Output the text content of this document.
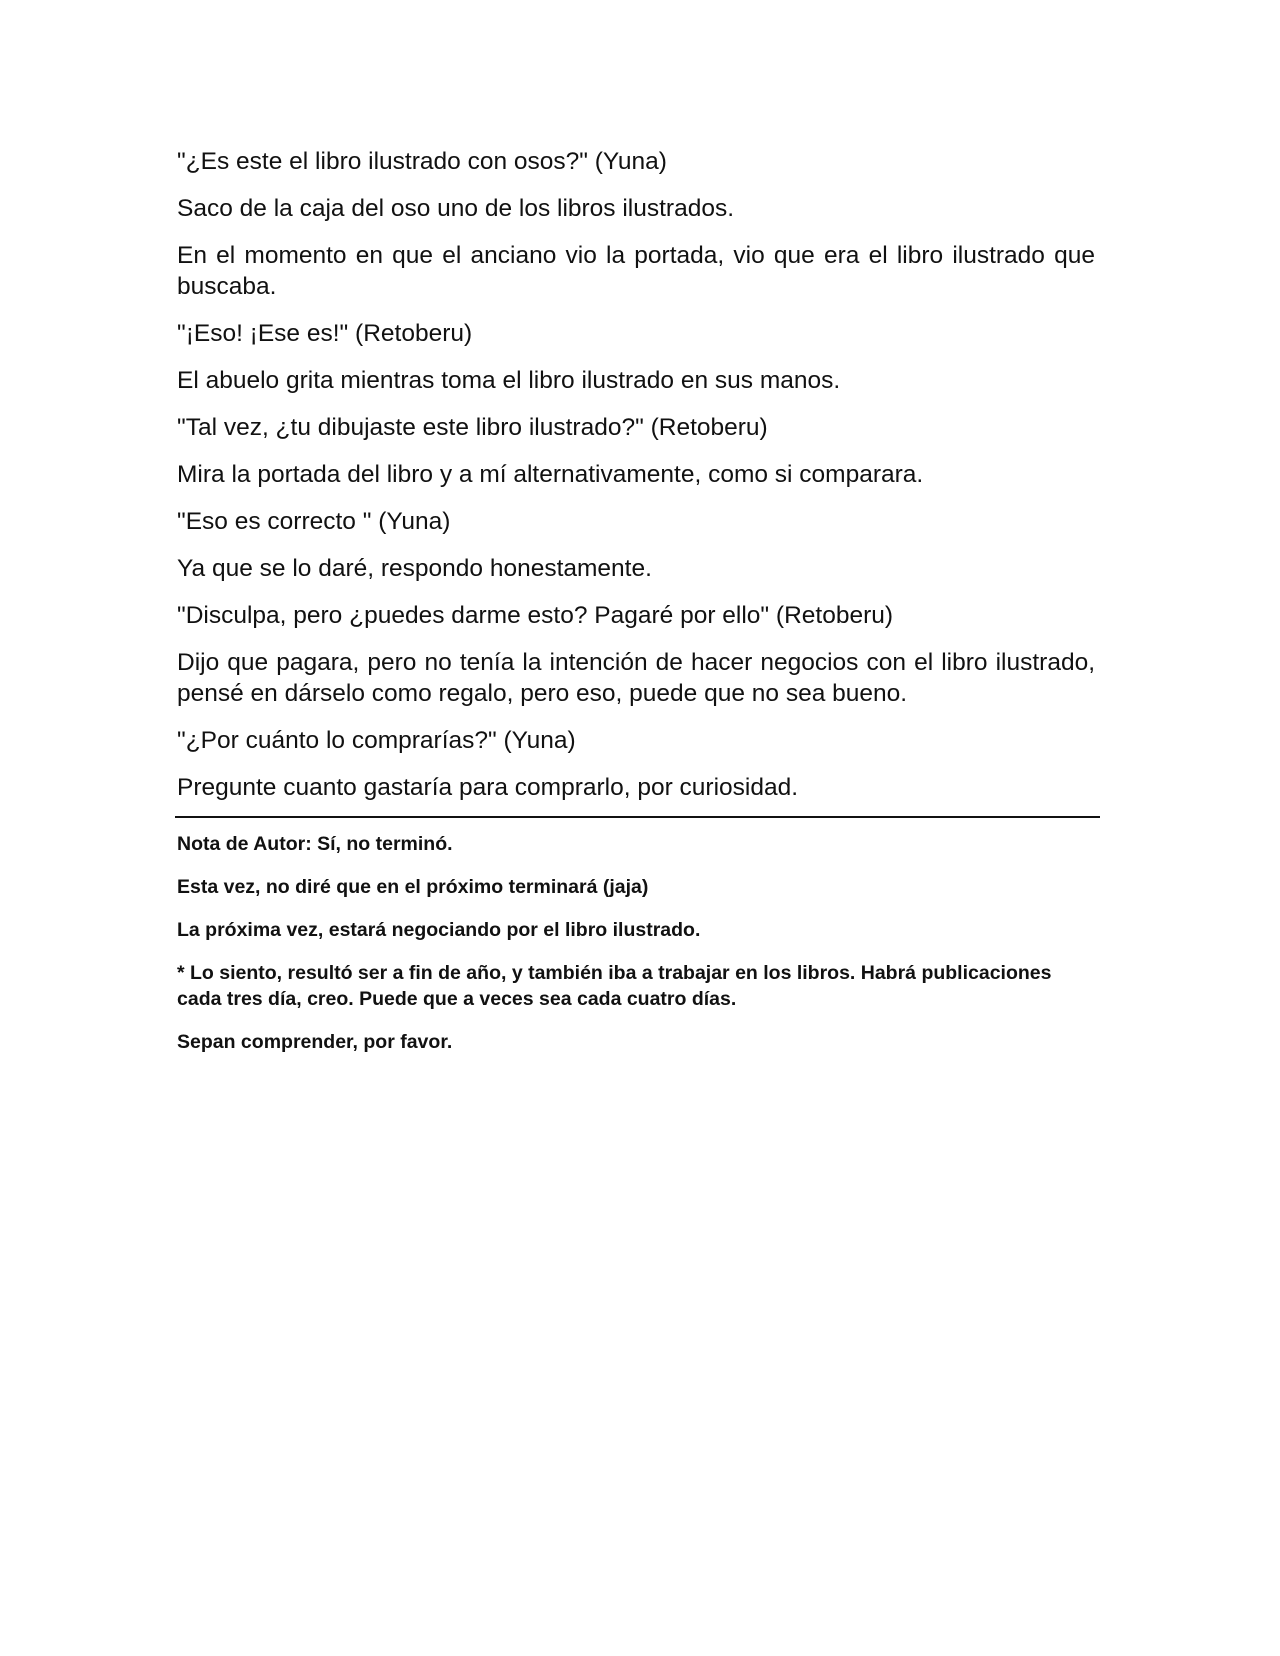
"¿Es este el libro ilustrado con osos?" (Yuna)

Saco de la caja del oso uno de los libros ilustrados.

En el momento en que el anciano vio la portada, vio que era el libro ilustrado que buscaba.

"¡Eso! ¡Ese es!" (Retoberu)

El abuelo grita mientras toma el libro ilustrado en sus manos.

"Tal vez, ¿tu dibujaste este libro ilustrado?" (Retoberu)

Mira la portada del libro y a mí alternativamente, como si comparara.

"Eso es correcto " (Yuna)

Ya que se lo daré, respondo honestamente.

"Disculpa, pero ¿puedes darme esto? Pagaré por ello" (Retoberu)

Dijo que pagara, pero no tenía la intención de hacer negocios con el libro ilustrado, pensé en dárselo como regalo, pero eso, puede que no sea bueno.

"¿Por cuánto lo comprarías?" (Yuna)

Pregunte cuanto gastaría para comprarlo, por curiosidad.

Nota de Autor: Sí, no terminó.

Esta vez, no diré que en el próximo terminará (jaja)

La próxima vez, estará negociando por el libro ilustrado.

* Lo siento, resultó ser a fin de año, y también iba a trabajar en los libros. Habrá publicaciones cada tres día, creo. Puede que a veces sea cada cuatro días.

Sepan comprender, por favor.
